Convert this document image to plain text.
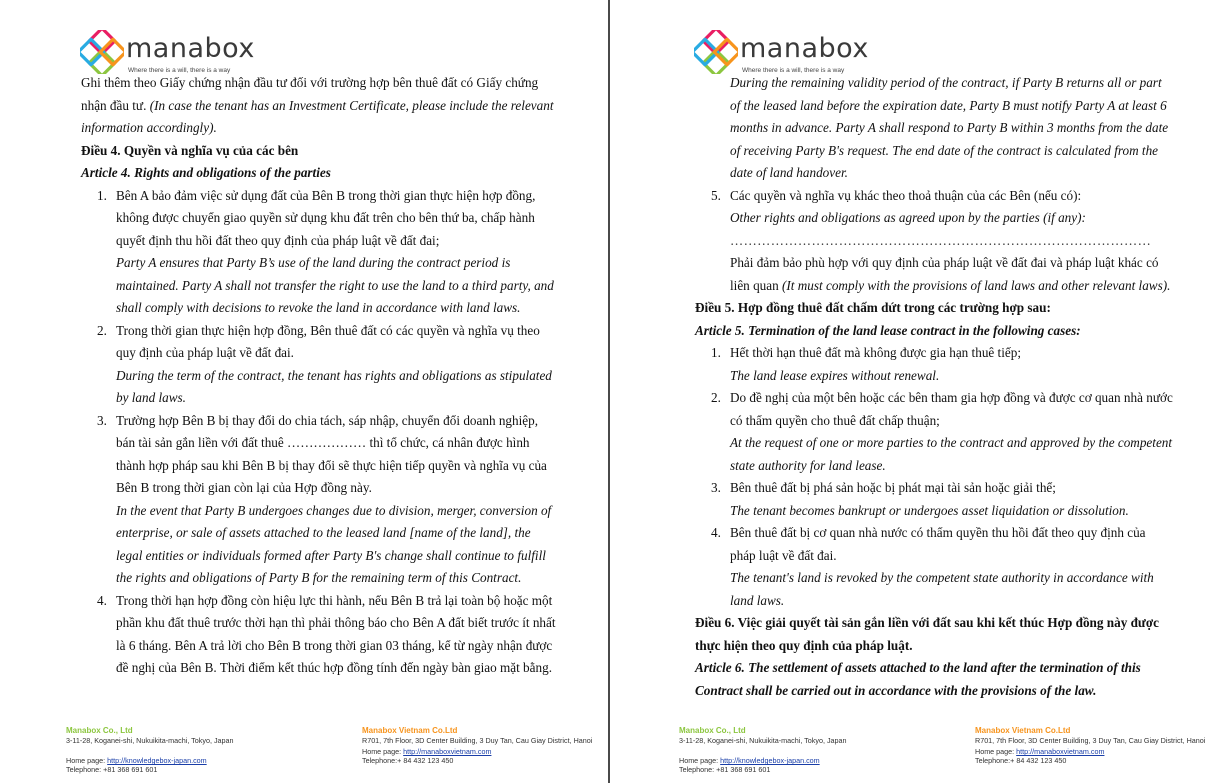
manabox
Where there is a will, there is a way

Ghi thêm theo Giấy chứng nhận đầu tư đối với trường hợp bên thuê đất có Giấy chứng nhận đầu tư. (In case the tenant has an Investment Certificate, please include the relevant information accordingly).

Điều 4. Quyền và nghĩa vụ của các bên

Article 4. Rights and obligations of the parties

1. Bên A bảo đảm việc sử dụng đất của Bên B trong thời gian thực hiện hợp đồng, không được chuyển giao quyền sử dụng khu đất trên cho bên thứ ba, chấp hành quyết định thu hồi đất theo quy định của pháp luật về đất đai;

Party A ensures that Party B’s use of the land during the contract period is maintained. Party A shall not transfer the right to use the land to a third party, and shall comply with decisions to revoke the land in accordance with land laws.

2. Trong thời gian thực hiện hợp đồng, Bên thuê đất có các quyền và nghĩa vụ theo quy định của pháp luật về đất đai.

During the term of the contract, the tenant has rights and obligations as stipulated by land laws.

3. Trường hợp Bên B bị thay đổi do chia tách, sáp nhập, chuyển đổi doanh nghiệp, bán tài sản gắn liền với đất thuê ……………… thì tổ chức, cá nhân được hình thành hợp pháp sau khi Bên B bị thay đổi sẽ thực hiện tiếp quyền và nghĩa vụ của Bên B trong thời gian còn lại của Hợp đồng này.

In the event that Party B undergoes changes due to division, merger, conversion of enterprise, or sale of assets attached to the leased land [name of the land], the legal entities or individuals formed after Party B's change shall continue to fulfill the rights and obligations of Party B for the remaining term of this Contract.

4. Trong thời hạn hợp đồng còn hiệu lực thi hành, nếu Bên B trả lại toàn bộ hoặc một phần khu đất thuê trước thời hạn thì phải thông báo cho Bên A đất biết trước ít nhất là 6 tháng. Bên A trả lời cho Bên B trong thời gian 03 tháng, kể từ ngày nhận được đề nghị của Bên B. Thời điểm kết thúc hợp đồng tính đến ngày bàn giao mặt bằng.

Manabox Co., Ltd
3-11-28, Koganei-shi, Nukuikita-machi, Tokyo, Japan
Home page: http://knowledgebox-japan.com
Telephone: +81 368 691 601
Manabox Vietnam Co.Ltd
R701, 7th Floor, 3D Center Building, 3 Duy Tan, Cau Giay District, Hanoi
Home page: http://manaboxvietnam.com
Telephone:+ 84 432 123 450
manabox
Where there is a will, there is a way

During the remaining validity period of the contract, if Party B returns all or part of the leased land before the expiration date, Party B must notify Party A at least 6 months in advance. Party A shall respond to Party B within 3 months from the date of receiving Party B's request. The end date of the contract is calculated from the date of land handover.

5. Các quyền và nghĩa vụ khác theo thoả thuận của các Bên (nếu có):

Other rights and obligations as agreed upon by the parties (if any):

…………………………………………………………………………………

Phải đảm bảo phù hợp với quy định của pháp luật về đất đai và pháp luật khác có liên quan (It must comply with the provisions of land laws and other relevant laws).

Điều 5. Hợp đồng thuê đất chấm dứt trong các trường hợp sau:

Article 5. Termination of the land lease contract in the following cases:

1. Hết thời hạn thuê đất mà không được gia hạn thuê tiếp;

The land lease expires without renewal.

2. Do đề nghị của một bên hoặc các bên tham gia hợp đồng và được cơ quan nhà nước có thẩm quyền cho thuê đất chấp thuận;

At the request of one or more parties to the contract and approved by the competent state authority for land lease.

3. Bên thuê đất bị phá sản hoặc bị phát mại tài sản hoặc giải thể;

The tenant becomes bankrupt or undergoes asset liquidation or dissolution.

4. Bên thuê đất bị cơ quan nhà nước có thẩm quyền thu hồi đất theo quy định của pháp luật về đất đai.

The tenant's land is revoked by the competent state authority in accordance with land laws.

Điều 6. Việc giải quyết tài sản gắn liền với đất sau khi kết thúc Hợp đồng này được thực hiện theo quy định của pháp luật.

Article 6. The settlement of assets attached to the land after the termination of this Contract shall be carried out in accordance with the provisions of the law.

Manabox Co., Ltd
3-11-28, Koganei-shi, Nukuikita-machi, Tokyo, Japan
Home page: http://knowledgebox-japan.com
Telephone: +81 368 691 601
Manabox Vietnam Co.Ltd
R701, 7th Floor, 3D Center Building, 3 Duy Tan, Cau Giay District, Hanoi
Home page: http://manaboxvietnam.com
Telephone:+ 84 432 123 450
